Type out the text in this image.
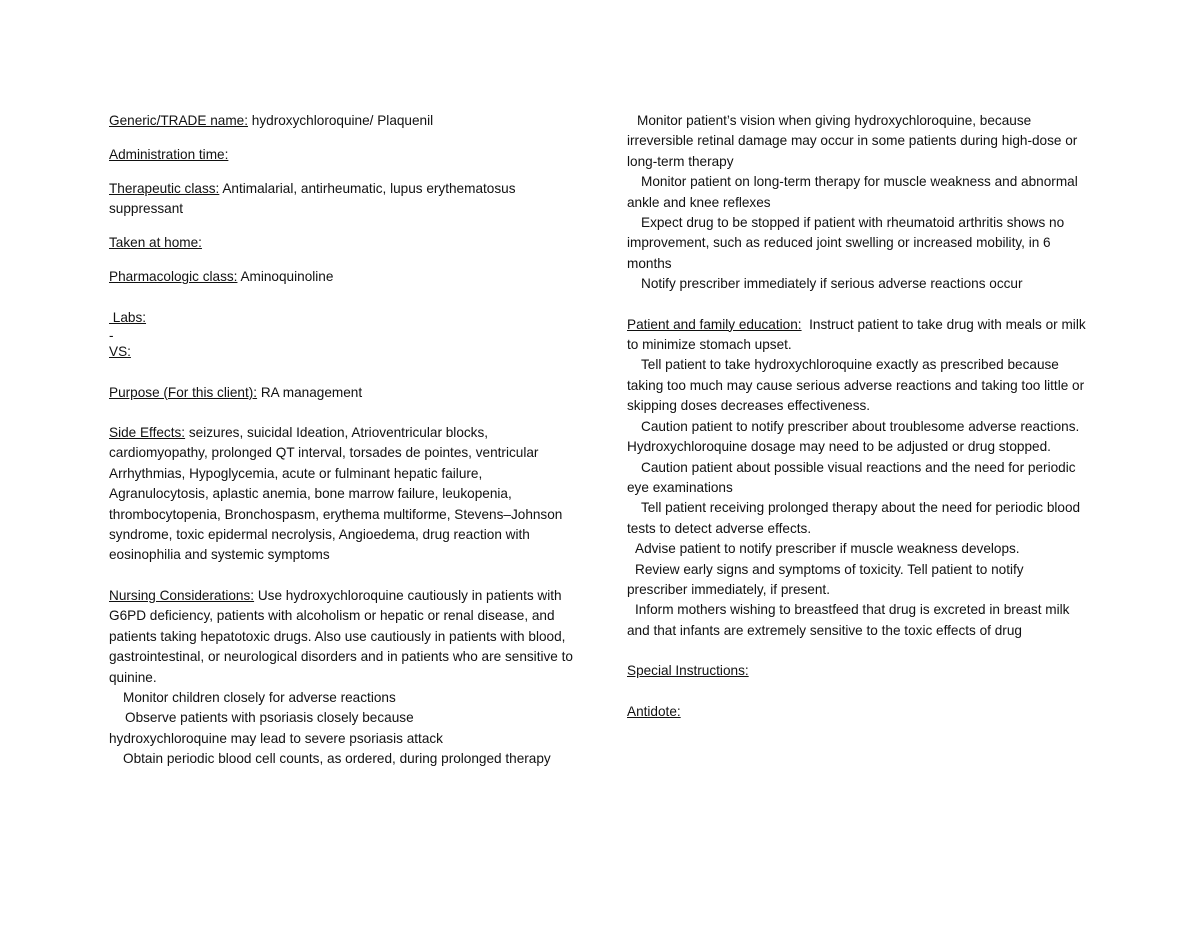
Generic/TRADE name: hydroxychloroquine/ Plaquenil

Administration time:

Therapeutic class: Antimalarial, antirheumatic, lupus erythematosus suppressant

Taken at home:

Pharmacologic class: Aminoquinoline

Labs:

-

VS:

Purpose (For this client): RA management

Side Effects: seizures, suicidal Ideation, Atrioventricular blocks, cardiomyopathy, prolonged QT interval, torsades de pointes, ventricular Arrhythmias, Hypoglycemia, acute or fulminant hepatic failure, Agranulocytosis, aplastic anemia, bone marrow failure, leukopenia, thrombocytopenia, Bronchospasm, erythema multiforme, Stevens–Johnson syndrome, toxic epidermal necrolysis, Angioedema, drug reaction with eosinophilia and systemic symptoms

Nursing Considerations: Use hydroxychloroquine cautiously in patients with G6PD deficiency, patients with alcoholism or hepatic or renal disease, and patients taking hepatotoxic drugs. Also use cautiously in patients with blood, gastrointestinal, or neurological disorders and in patients who are sensitive to quinine.

Monitor children closely for adverse reactions
Observe patients with psoriasis closely because
hydroxychloroquine may lead to severe psoriasis attack
Obtain periodic blood cell counts, as ordered, during prolonged therapy
Monitor patient’s vision when giving hydroxychloroquine, because irreversible retinal damage may occur in some patients during high-dose or long-term therapy
Monitor patient on long-term therapy for muscle weakness and abnormal ankle and knee reflexes
Expect drug to be stopped if patient with rheumatoid arthritis shows no improvement, such as reduced joint swelling or increased mobility, in 6 months
Notify prescriber immediately if serious adverse reactions occur

Patient and family education:  Instruct patient to take drug with meals or milk to minimize stomach upset.

Tell patient to take hydroxychloroquine exactly as prescribed because taking too much may cause serious adverse reactions and taking too little or skipping doses decreases effectiveness.
Caution patient to notify prescriber about troublesome adverse reactions. Hydroxychloroquine dosage may need to be adjusted or drug stopped.
Caution patient about possible visual reactions and the need for periodic eye examinations
Tell patient receiving prolonged therapy about the need for periodic blood tests to detect adverse effects.
Advise patient to notify prescriber if muscle weakness develops.
Review early signs and symptoms of toxicity. Tell patient to notify prescriber immediately, if present.
Inform mothers wishing to breastfeed that drug is excreted in breast milk and that infants are extremely sensitive to the toxic effects of drug

Special Instructions:

Antidote:
